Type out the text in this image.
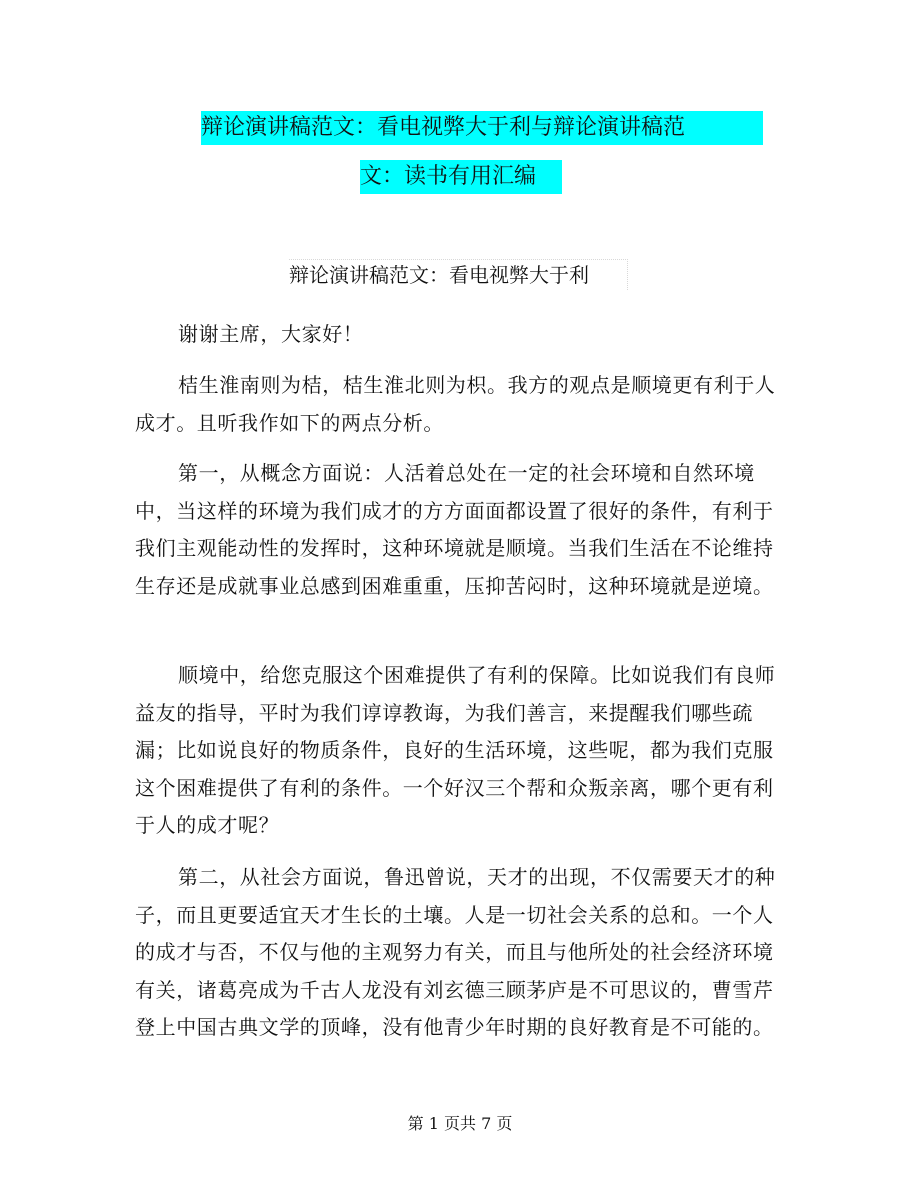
辩论演讲稿范文：看电视弊大于利与辩论演讲稿范
文：读书有用汇编
辩论演讲稿范文：看电视弊大于利

谢谢主席，大家好！

桔生淮南则为桔，桔生淮北则为枳。我方的观点是顺境更有利于人成才。且听我作如下的两点分析。

第一，从概念方面说：人活着总处在一定的社会环境和自然环境中，当这样的环境为我们成才的方方面面都设置了很好的条件，有利于我们主观能动性的发挥时，这种环境就是顺境。当我们生活在不论维持生存还是成就事业总感到困难重重，压抑苦闷时，这种环境就是逆境。

顺境中，给您克服这个困难提供了有利的保障。比如说我们有良师益友的指导，平时为我们谆谆教诲，为我们善言，来提醒我们哪些疏漏；比如说良好的物质条件，良好的生活环境，这些呢，都为我们克服这个困难提供了有利的条件。一个好汉三个帮和众叛亲离，哪个更有利于人的成才呢？

第二，从社会方面说，鲁迅曾说，天才的出现，不仅需要天才的种子，而且更要适宜天才生长的土壤。人是一切社会关系的总和。一个人的成才与否，不仅与他的主观努力有关，而且与他所处的社会经济环境有关，诸葛亮成为千古人龙没有刘玄德三顾茅庐是不可思议的，曹雪芹登上中国古典文学的顶峰，没有他青少年时期的良好教育是不可能的。

第 1 页共 7 页
